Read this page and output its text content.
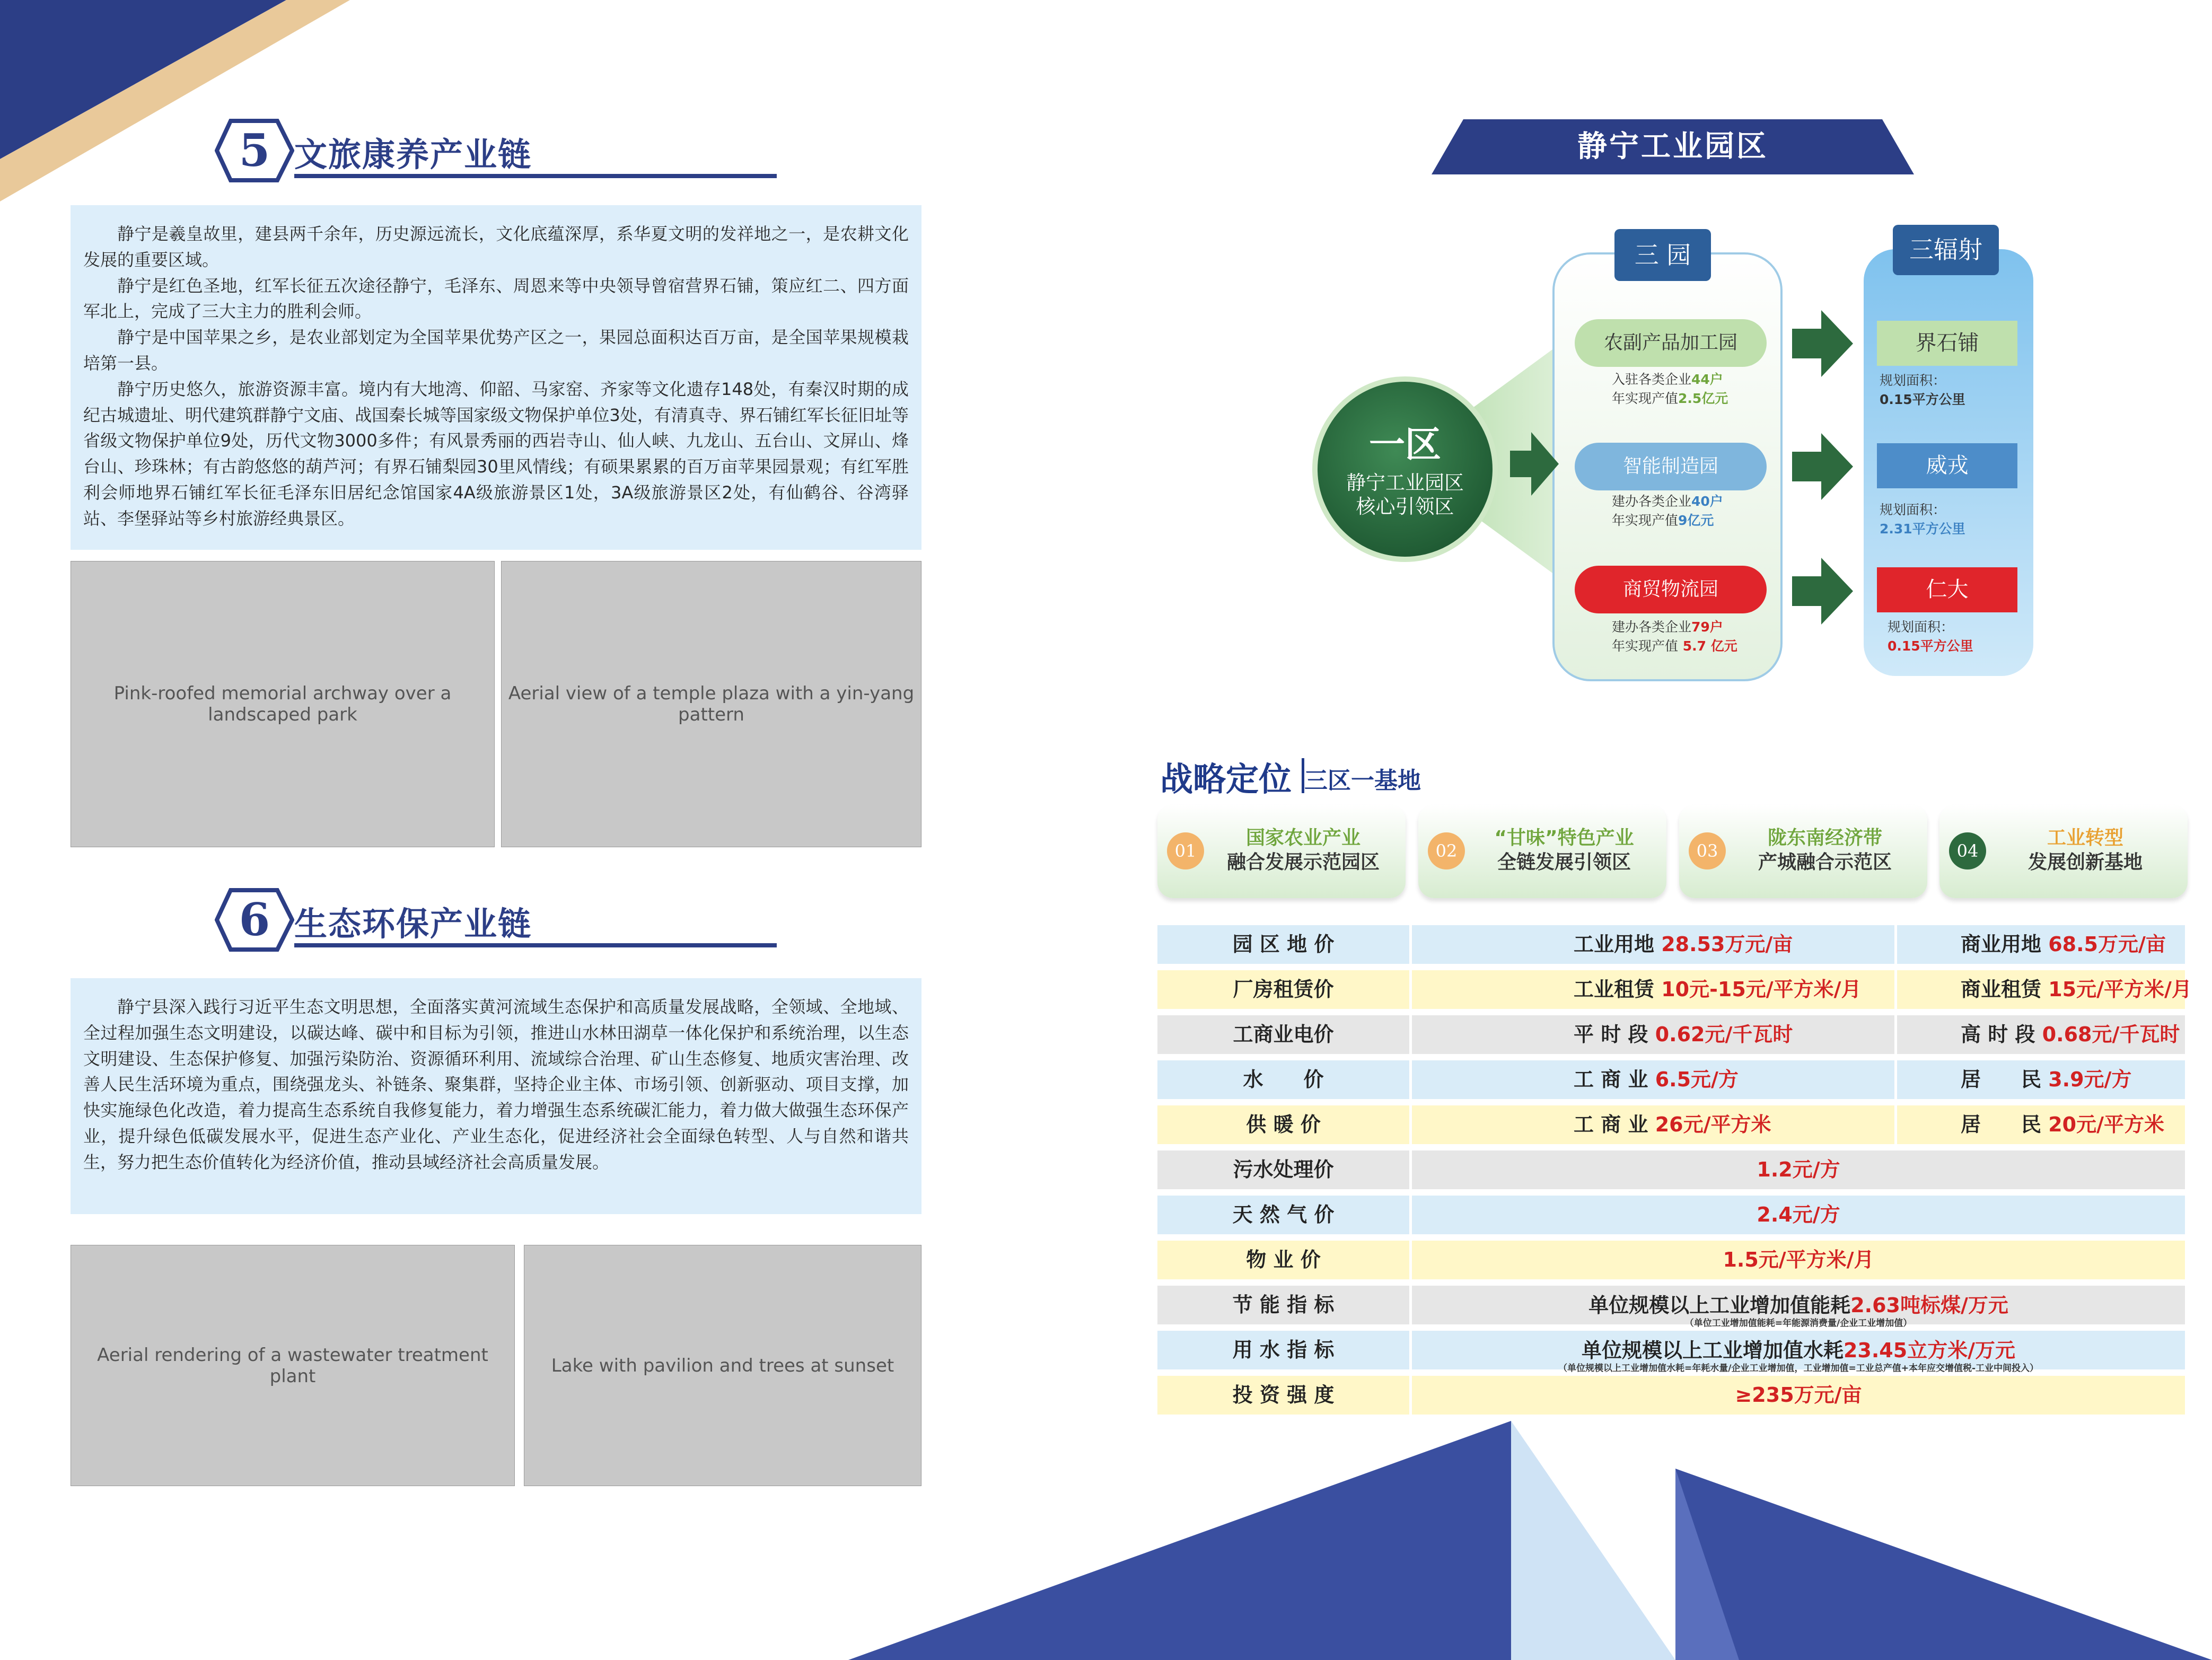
5 文旅康养产业链

静宁是羲皇故里，建县两千余年，历史源远流长，文化底蕴深厚，系华夏文明的发祥地之一，是农耕文化发展的重要区域。

静宁是红色圣地，红军长征五次途径静宁，毛泽东、周恩来等中央领导曾宿营界石铺，策应红二、四方面军北上，完成了三大主力的胜利会师。

静宁是中国苹果之乡，是农业部划定为全国苹果优势产区之一，果园总面积达百万亩，是全国苹果规模栽培第一县。

静宁历史悠久，旅游资源丰富。境内有大地湾、仰韶、马家窑、齐家等文化遗存148处，有秦汉时期的成纪古城遗址、明代建筑群静宁文庙、战国秦长城等国家级文物保护单位3处，有清真寺、界石铺红军长征旧址等省级文物保护单位9处，历代文物3000多件；有风景秀丽的西岩寺山、仙人峡、九龙山、五台山、文屏山、烽台山、珍珠林；有古韵悠悠的葫芦河；有界石铺梨园30里风情线；有硕果累累的百万亩苹果园景观；有红军胜利会师地界石铺红军长征毛泽东旧居纪念馆国家4A级旅游景区1处，3A级旅游景区2处，有仙鹤谷、谷湾驿站、李堡驿站等乡村旅游经典景区。

Pink-roofed memorial archway over a landscaped park
Aerial view of a temple plaza with a yin-yang pattern
6 生态环保产业链

静宁县深入践行习近平生态文明思想，全面落实黄河流域生态保护和高质量发展战略，全领域、全地域、全过程加强生态文明建设，以碳达峰、碳中和目标为引领，推进山水林田湖草一体化保护和系统治理，以生态文明建设、生态保护修复、加强污染防治、资源循环利用、流域综合治理、矿山生态修复、地质灾害治理、改善人民生活环境为重点，围绕强龙头、补链条、聚集群，坚持企业主体、市场引领、创新驱动、项目支撑，加快实施绿色化改造，着力提高生态系统自我修复能力，着力增强生态系统碳汇能力，着力做大做强生态环保产业，提升绿色低碳发展水平，促进生态产业化、产业生态化，促进经济社会全面绿色转型、人与自然和谐共生，努力把生态价值转化为经济价值，推动县域经济社会高质量发展。

Aerial rendering of a wastewater treatment plant	Lake with pavilion and trees at sunset
静宁工业园区
一区
静宁工业园区
核心引领区
三 园
农副产品加工园
入驻各类企业44户
年实现产值2.5亿元
智能制造园
建办各类企业40户
年实现产值9亿元
商贸物流园
建办各类企业79户
年实现产值 5.7 亿元
三辐射
界石铺
规划面积：
0.15平方公里
威戎
规划面积：
2.31平方公里
仁大
规划面积：
0.15平方公里
战略定位 三区一基地
01
国家农业产业
融合发展示范园区
02
“甘味”特色产业
全链发展引领区
03
陇东南经济带
产城融合示范区
04
工业转型
发展创新基地
园 区 地 价	工业用地 28.53万元/亩	商业用地 68.5万元/亩
厂房租赁价	工业租赁 10元-15元/平方米/月	商业租赁 15元/平方米/月
工商业电价	平 时 段 0.62元/千瓦时	高 时 段 0.68元/千瓦时
水　　价	工 商 业 6.5元/方	居　　民 3.9元/方
供 暖 价	工 商 业 26元/平方米	居　　民 20元/平方米
污水处理价	1.2元/方
天 然 气 价	2.4元/方
物 业 价	1.5元/平方米/月
节 能 指 标	单位规模以上工业增加值能耗2.63吨标煤/万元
（单位工业增加值能耗=年能源消费量/企业工业增加值）
用 水 指 标	单位规模以上工业增加值水耗23.45立方米/万元
（单位规模以上工业增加值水耗=年耗水量/企业工业增加值，工业增加值=工业总产值+本年应交增值税-工业中间投入）
投 资 强 度	≥235万元/亩
